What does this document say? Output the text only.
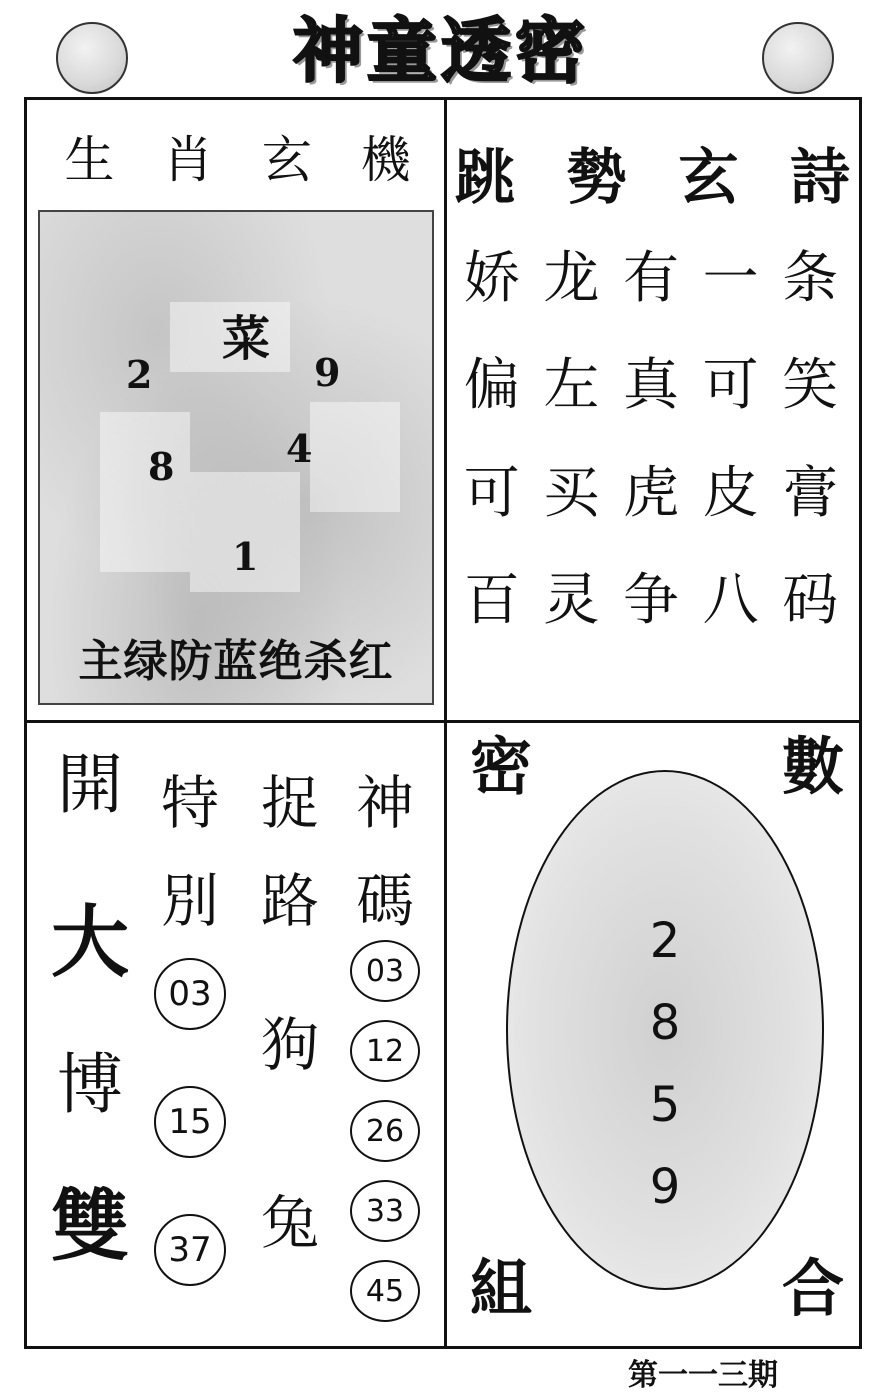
神童透密
生 肖 玄 機
菜
2	9
8	4
1
主绿防蓝绝杀红
跳 勢 玄 詩
娇 龙 有 一 条
偏 左 真 可 笑
可 买 虎 皮 膏
百 灵 争 八 码
開
大
博
雙
特
別
03
15
37
捉
路
狗
兔
神
碼
03
12
26
33
45
密	數
2
8
5
9
組	合
第一一三期
